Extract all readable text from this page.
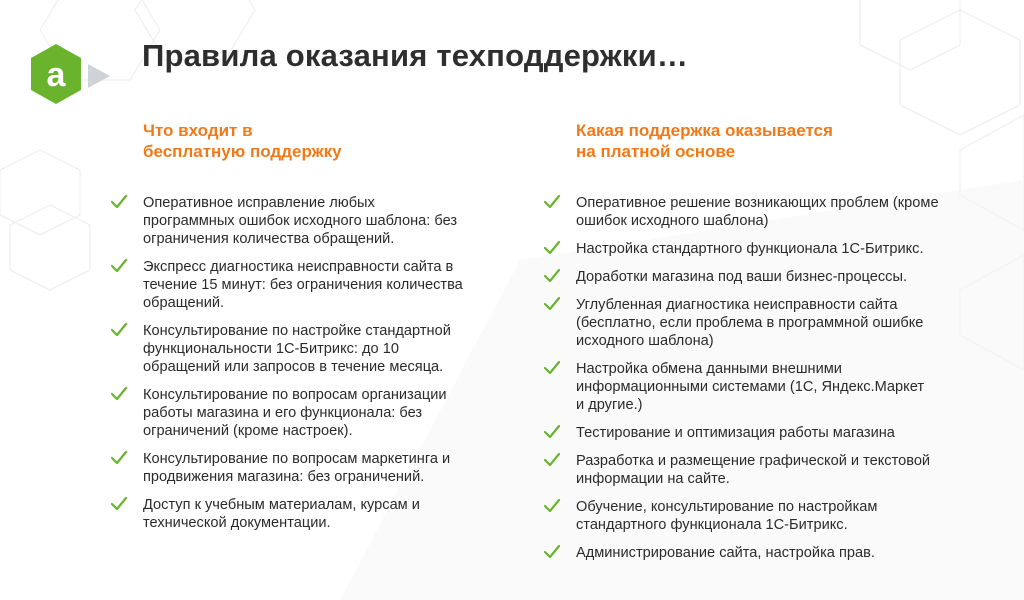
a
Правила оказания техподдержки…
Что входит в
бесплатную поддержку
Оперативное исправление любых
программных ошибок исходного шаблона: без
ограничения количества обращений.
Экспресс диагностика неисправности сайта в
течение 15 минут: без ограничения количества
обращений.
Консультирование по настройке стандартной
функциональности 1С-Битрикс: до 10
обращений или запросов в течение месяца.
Консультирование по вопросам организации
работы магазина и его функционала: без
ограничений (кроме настроек).
Консультирование по вопросам маркетинга и
продвижения магазина: без ограничений.
Доступ к учебным материалам, курсам и
технической документации.
Какая поддержка оказывается
на платной основе
Оперативное решение возникающих проблем (кроме
ошибок исходного шаблона)
Настройка стандартного функционала 1С-Битрикс.
Доработки магазина под ваши бизнес-процессы.
Углубленная диагностика неисправности сайта
(бесплатно, если проблема в программной ошибке
исходного шаблона)
Настройка обмена данными внешними
информационными системами (1С, Яндекс.Маркет
и другие.)
Тестирование и оптимизация работы магазина
Разработка и размещение графической и текстовой
информации на сайте.
Обучение, консультирование по настройкам
стандартного функционала 1С-Битрикс.
Администрирование сайта, настройка прав.
